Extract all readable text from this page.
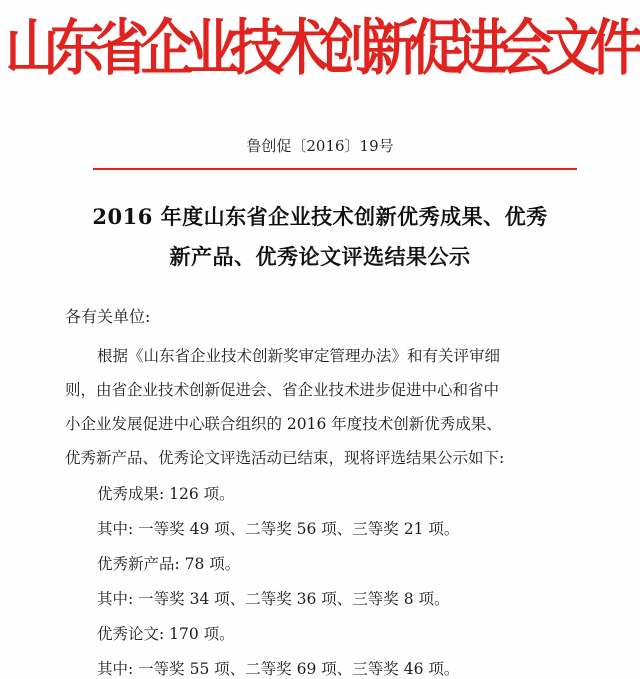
山东省企业技术创新促进会文件
鲁创促〔2016〕19号
2016 年度山东省企业技术创新优秀成果、优秀
新产品、优秀论文评选结果公示
各有关单位:
根据《山东省企业技术创新奖审定管理办法》和有关评审细
则，由省企业技术创新促进会、省企业技术进步促进中心和省中
小企业发展促进中心联合组织的 2016 年度技术创新优秀成果、
优秀新产品、优秀论文评选活动已结束，现将评选结果公示如下:
优秀成果: 126 项。
其中: 一等奖 49 项、二等奖 56 项、三等奖 21 项。
优秀新产品: 78 项。
其中: 一等奖 34 项、二等奖 36 项、三等奖 8 项。
优秀论文: 170 项。
其中: 一等奖 55 项、二等奖 69 项、三等奖 46 项。
